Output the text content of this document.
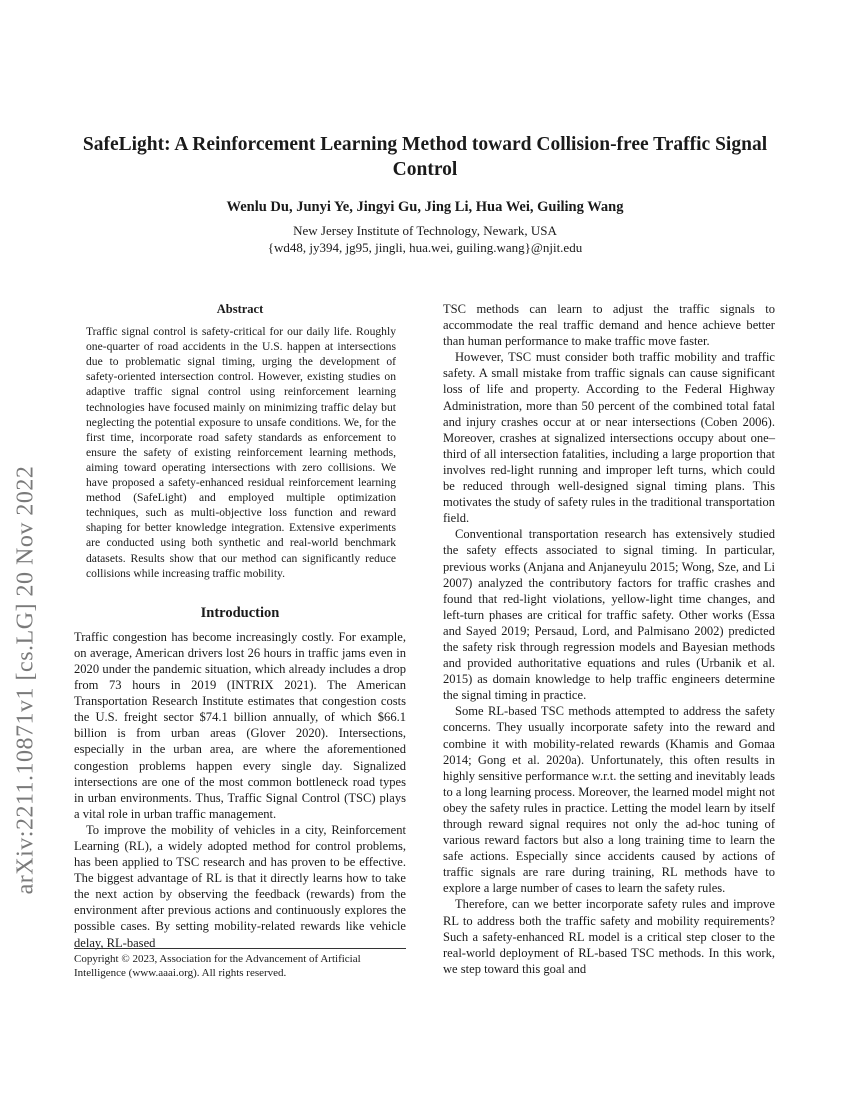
arXiv:2211.10871v1 [cs.LG] 20 Nov 2022
SafeLight: A Reinforcement Learning Method toward Collision-free Traffic Signal Control
Wenlu Du, Junyi Ye, Jingyi Gu, Jing Li, Hua Wei, Guiling Wang
New Jersey Institute of Technology, Newark, USA
{wd48, jy394, jg95, jingli, hua.wei, guiling.wang}@njit.edu
Abstract
Traffic signal control is safety-critical for our daily life. Roughly one-quarter of road accidents in the U.S. happen at intersections due to problematic signal timing, urging the development of safety-oriented intersection control. However, existing studies on adaptive traffic signal control using reinforcement learning technologies have focused mainly on minimizing traffic delay but neglecting the potential exposure to unsafe conditions. We, for the first time, incorporate road safety standards as enforcement to ensure the safety of existing reinforcement learning methods, aiming toward operating intersections with zero collisions. We have proposed a safety-enhanced residual reinforcement learning method (SafeLight) and employed multiple optimization techniques, such as multi-objective loss function and reward shaping for better knowledge integration. Extensive experiments are conducted using both synthetic and real-world benchmark datasets. Results show that our method can significantly reduce collisions while increasing traffic mobility.
Introduction

Traffic congestion has become increasingly costly. For example, on average, American drivers lost 26 hours in traffic jams even in 2020 under the pandemic situation, which already includes a drop from 73 hours in 2019 (INTRIX 2021). The American Transportation Research Institute estimates that congestion costs the U.S. freight sector $74.1 billion annually, of which $66.1 billion is from urban areas (Glover 2020). Intersections, especially in the urban area, are where the aforementioned congestion problems happen every single day. Signalized intersections are one of the most common bottleneck road types in urban environments. Thus, Traffic Signal Control (TSC) plays a vital role in urban traffic management.

To improve the mobility of vehicles in a city, Reinforcement Learning (RL), a widely adopted method for control problems, has been applied to TSC research and has proven to be effective. The biggest advantage of RL is that it directly learns how to take the next action by observing the feedback (rewards) from the environment after previous actions and continuously explores the possible cases. By setting mobility-related rewards like vehicle delay, RL-based

TSC methods can learn to adjust the traffic signals to accommodate the real traffic demand and hence achieve better than human performance to make traffic move faster.

However, TSC must consider both traffic mobility and traffic safety. A small mistake from traffic signals can cause significant loss of life and property. According to the Federal Highway Administration, more than 50 percent of the combined total fatal and injury crashes occur at or near intersections (Coben 2006). Moreover, crashes at signalized intersections occupy about one–third of all intersection fatalities, including a large proportion that involves red-light running and improper left turns, which could be reduced through well-designed signal timing plans. This motivates the study of safety rules in the traditional transportation field.

Conventional transportation research has extensively studied the safety effects associated to signal timing. In particular, previous works (Anjana and Anjaneyulu 2015; Wong, Sze, and Li 2007) analyzed the contributory factors for traffic crashes and found that red-light violations, yellow-light time changes, and left-turn phases are critical for traffic safety. Other works (Essa and Sayed 2019; Persaud, Lord, and Palmisano 2002) predicted the safety risk through regression models and Bayesian methods and provided authoritative equations and rules (Urbanik et al. 2015) as domain knowledge to help traffic engineers determine the signal timing in practice.

Some RL-based TSC methods attempted to address the safety concerns. They usually incorporate safety into the reward and combine it with mobility-related rewards (Khamis and Gomaa 2014; Gong et al. 2020a). Unfortunately, this often results in highly sensitive performance w.r.t. the setting and inevitably leads to a long learning process. Moreover, the learned model might not obey the safety rules in practice. Letting the model learn by itself through reward signal requires not only the ad-hoc tuning of various reward factors but also a long training time to learn the safe actions. Especially since accidents caused by actions of traffic signals are rare during training, RL methods have to explore a large number of cases to learn the safety rules.

Therefore, can we better incorporate safety rules and improve RL to address both the traffic safety and mobility requirements? Such a safety-enhanced RL model is a critical step closer to the real-world deployment of RL-based TSC methods. In this work, we step toward this goal and

Copyright © 2023, Association for the Advancement of Artificial Intelligence (www.aaai.org). All rights reserved.
